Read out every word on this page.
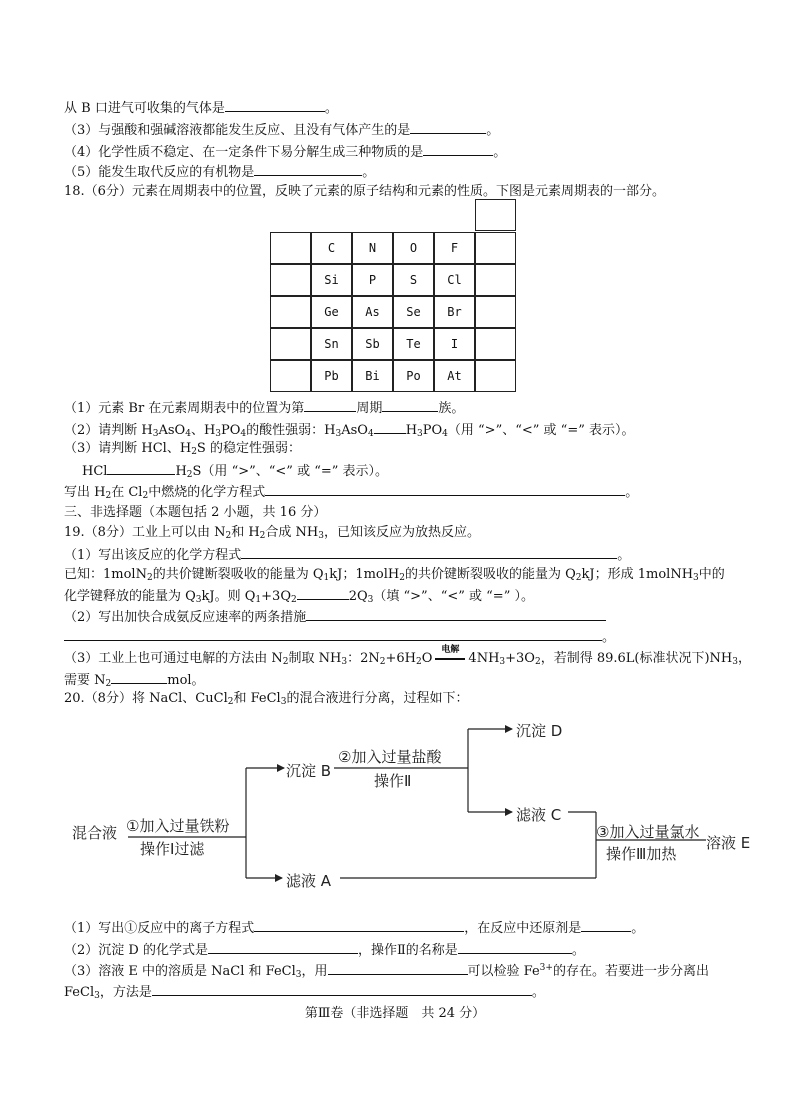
从 B 口进气可收集的气体是	。
（3）与强酸和强碱溶液都能发生反应、且没有气体产生的是	。
（4）化学性质不稳定、在一定条件下易分解生成三种物质的是	。
（5）能发生取代反应的有机物是	。
18.（6分）元素在周期表中的位置，反映了元素的原子结构和元素的性质。下图是元素周期表的一部分。
C	N	O	F
Si	P	S	Cl
Ge	As	Se	Br
Sn	Sb	Te	I
Pb	Bi	Po	At
（1）元素 Br 在元素周期表中的位置为第	周期	族。
（2）请判断 $H_3AsO_4$、$H_3PO_4$的酸性强弱：$H_3AsO_4$ $H_3PO_4$（用 “>”、“<” 或 “=” 表示）。
（3）请判断 HCl、$H_2S$ 的稳定性强弱：
HCl	$H_2S$（用 “>”、“<” 或 “=” 表示）。
写出 $H_2$在 $Cl_2$中燃烧的化学方程式	。
三、非选择题（本题包括 2 小题，共 16 分）
19.（8分）工业上可以由 $N_2$和 $H_2$合成 $NH_3$，已知该反应为放热反应。
（1）写出该反应的化学方程式	。
已知：1molN$_2$的共价键断裂吸收的能量为 $Q_1kJ$；1molH$_2$的共价键断裂吸收的能量为 $Q_2kJ$；形成 1molNH$_3$中的
化学键释放的能量为 $Q_3kJ$。则 $Q_1+3Q_2$	$2Q_3$（填 “>”、“<” 或 “=” ）。
（2）写出加快合成氨反应速率的两条措施
。
（3）工业上也可通过电解的方法由 $N_2$制取 $NH_3$：$2N_2+6H_2O$
电解
$4NH_3+3O_2$，若制得 89.6L(标准状况下)$NH_3$，
需要 $N_2$	mol。
20.（8分）将 NaCl、CuCl$_2$和 FeCl$_3$的混合液进行分离，过程如下：
混合液 ①加入过量铁粉
操作Ⅰ过滤
沉淀 B
②加入过量盐酸
操作Ⅱ
沉淀 D
滤液 C
滤液 A
③加入过量氯水
操作Ⅲ加热
溶液 E
（1）写出①反应中的离子方程式	，在反应中还原剂是	。
（2）沉淀 D 的化学式是	，操作Ⅱ的名称是	。
（3）溶液 E 中的溶质是 NaCl 和 FeCl$_3$，用	可以检验 $Fe^{3+}$的存在。若要进一步分离出
FeCl$_3$，方法是	。
第Ⅲ卷（非选择题　共 24 分）
